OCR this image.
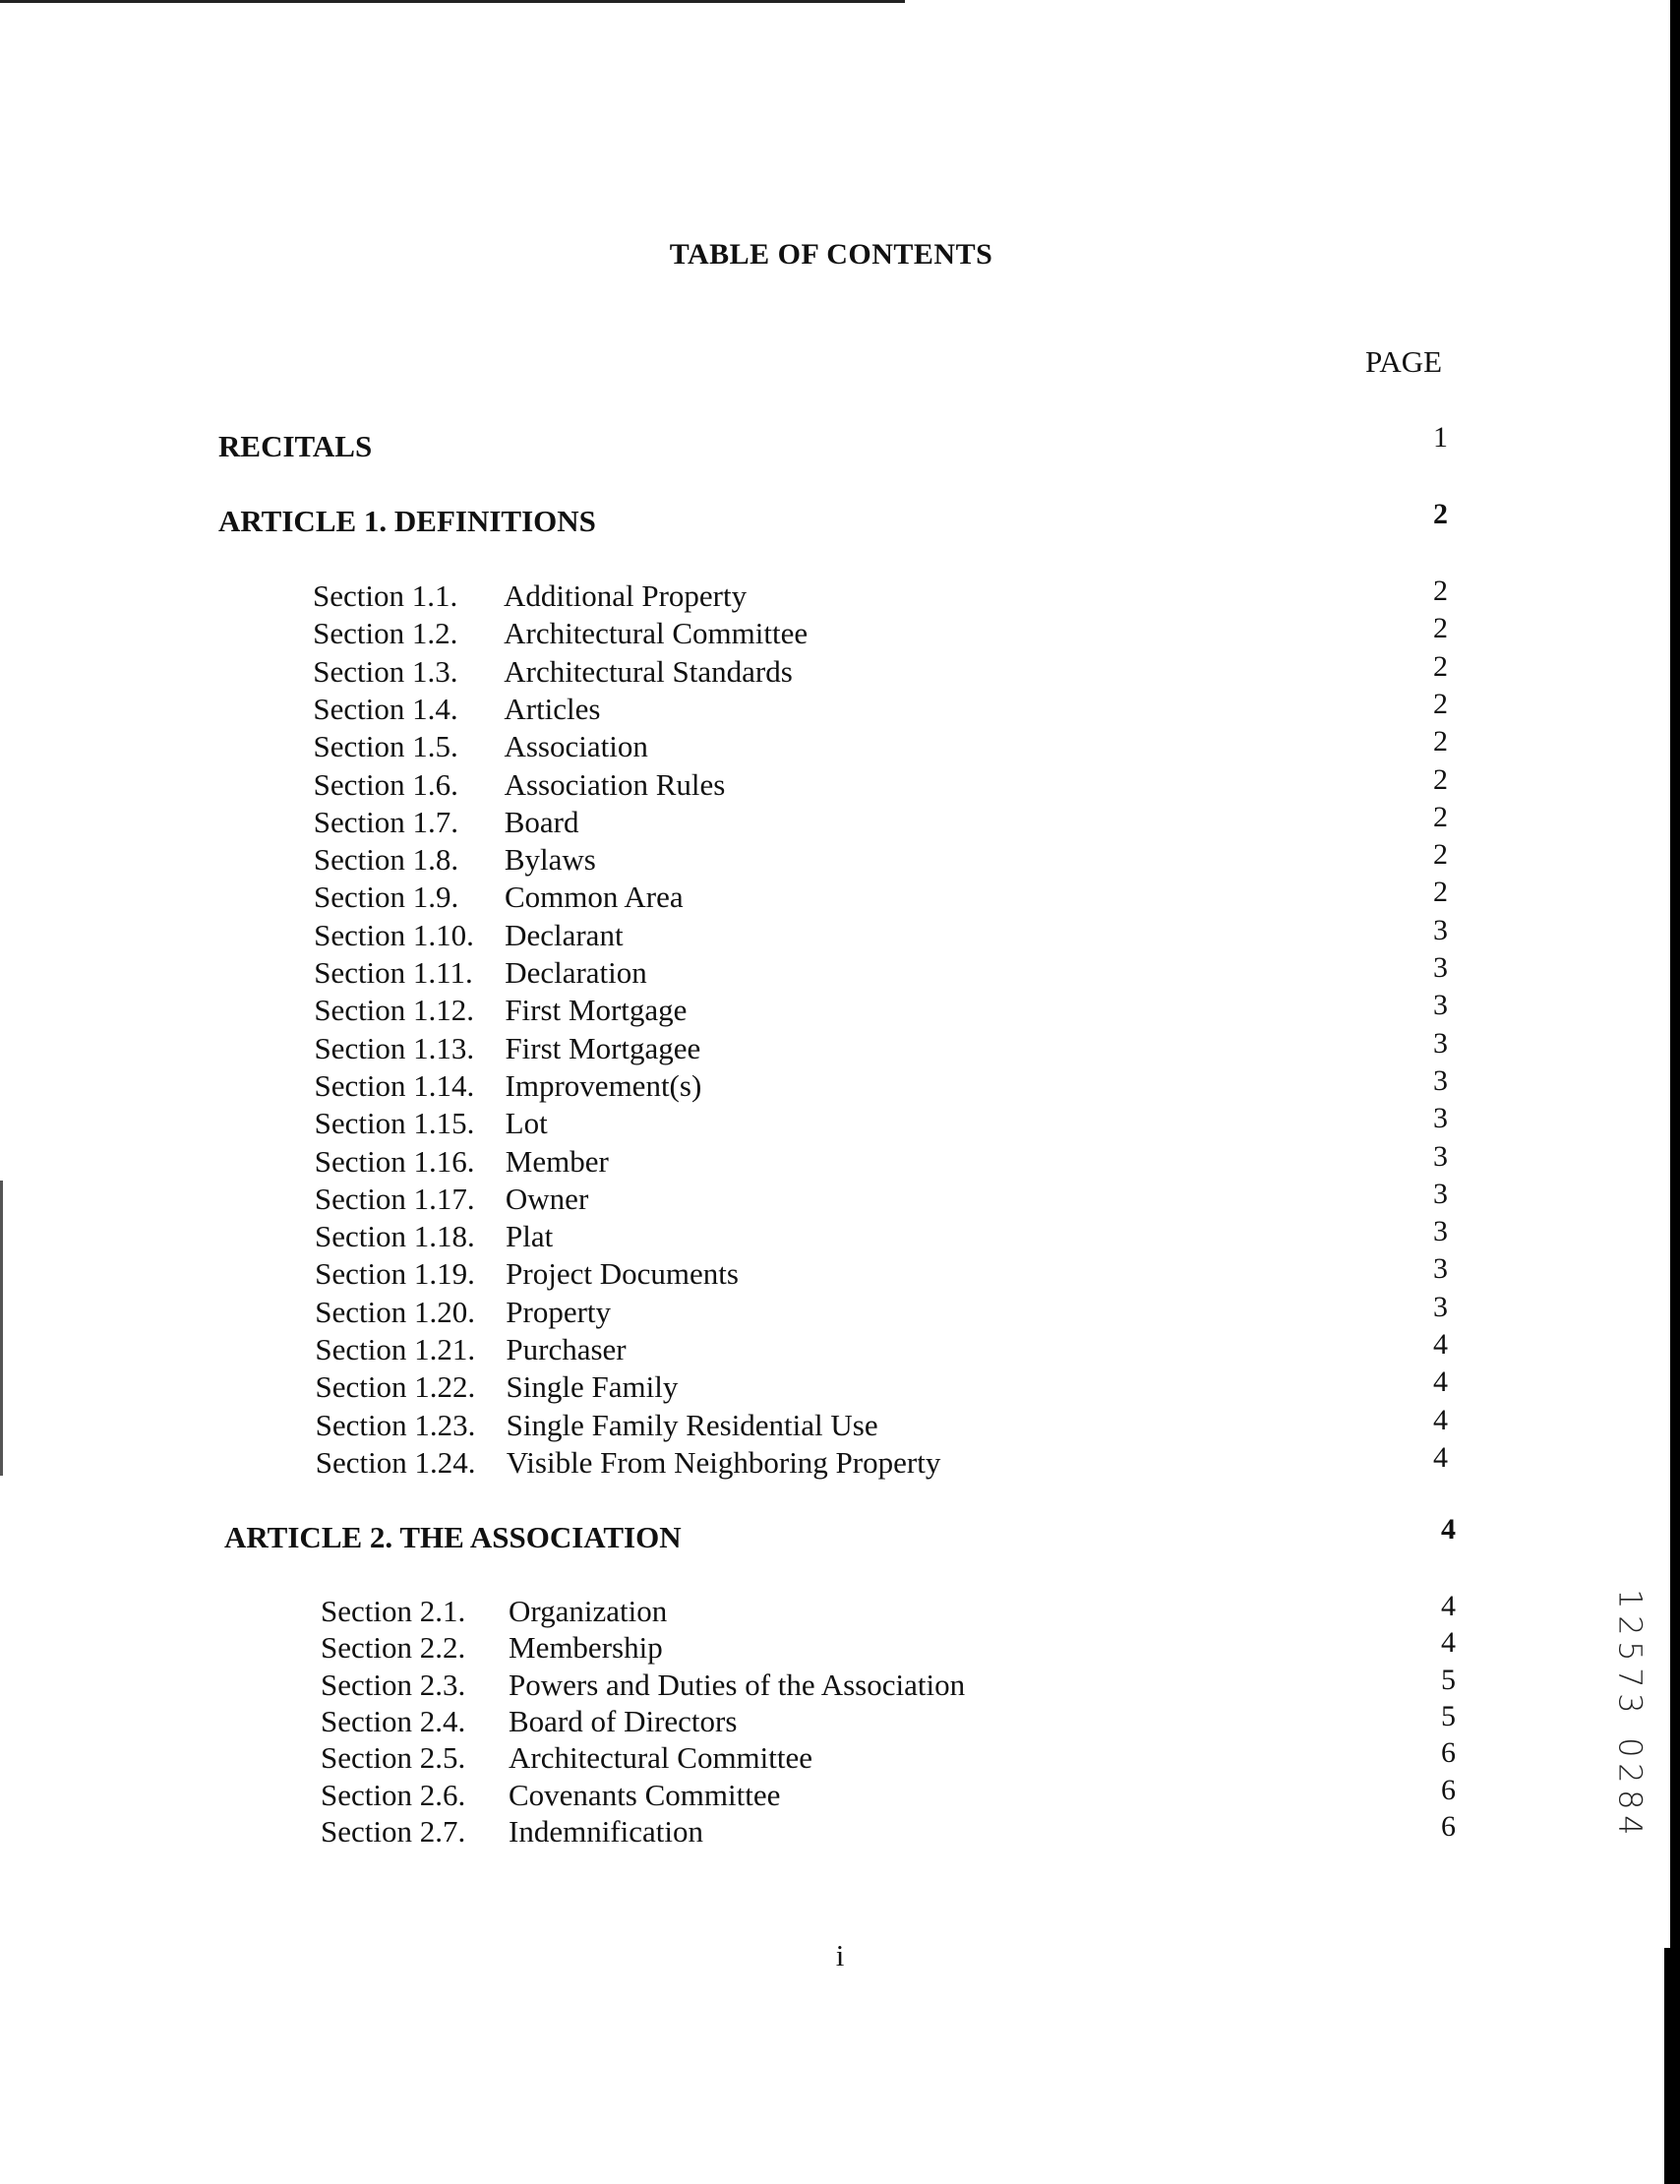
TABLE OF CONTENTS
PAGE
RECITALS	1
ARTICLE 1. DEFINITIONS	2
Section 1.1. Additional Property	2
Section 1.2. Architectural Committee	2
Section 1.3. Architectural Standards	2
Section 1.4. Articles	2
Section 1.5. Association	2
Section 1.6. Association Rules	2
Section 1.7. Board	2
Section 1.8. Bylaws	2
Section 1.9. Common Area	2
Section 1.10. Declarant	3
Section 1.11. Declaration	3
Section 1.12. First Mortgage	3
Section 1.13. First Mortgagee	3
Section 1.14. Improvement(s)	3
Section 1.15. Lot	3
Section 1.16. Member	3
Section 1.17. Owner	3
Section 1.18. Plat	3
Section 1.19. Project Documents	3
Section 1.20. Property	3
Section 1.21. Purchaser	4
Section 1.22. Single Family	4
Section 1.23. Single Family Residential Use	4
Section 1.24. Visible From Neighboring Property	4
ARTICLE 2. THE ASSOCIATION	4
Section 2.1. Organization	4
Section 2.2. Membership	4
Section 2.3. Powers and Duties of the Association	5
Section 2.4. Board of Directors	5
Section 2.5. Architectural Committee	6
Section 2.6. Covenants Committee	6
Section 2.7. Indemnification	6
i
1
2
5
7
3
0
2
8
4
